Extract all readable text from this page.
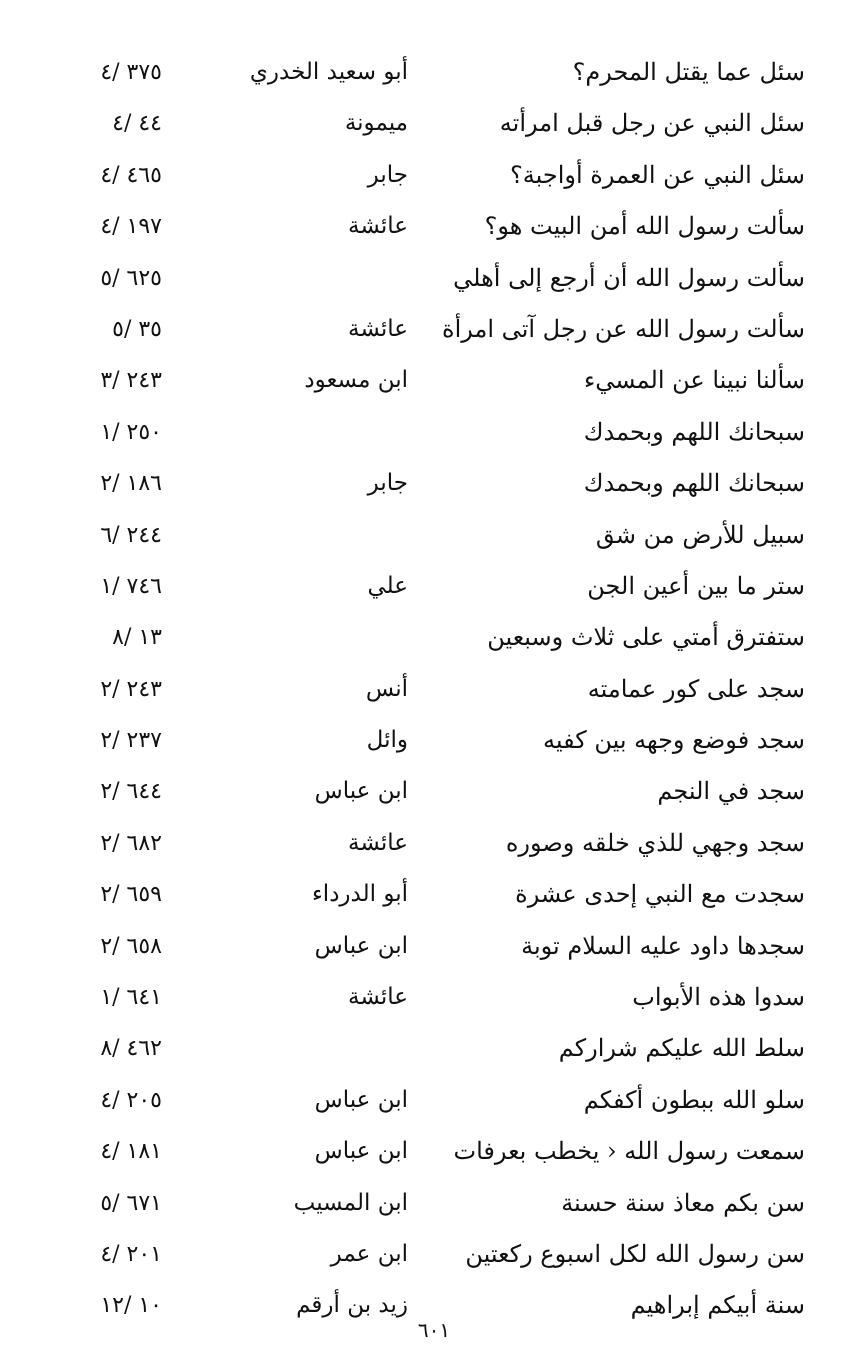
سئل عما يقتل المحرم؟
أبو سعيد الخدري
٣٧٥ /٤
سئل النبي عن رجل قبل امرأته
ميمونة
٤٤ /٤
سئل النبي عن العمرة أواجبة؟
جابر
٤٦٥ /٤
سألت رسول الله أمن البيت هو؟
عائشة
١٩٧ /٤
سألت رسول الله أن أرجع إلى أهلي
٦٢٥ /٥
سألت رسول الله عن رجل آتى امرأة
عائشة
٣٥ /٥
سألنا نبينا عن المسيء
ابن مسعود
٢٤٣ /٣
سبحانك اللهم وبحمدك
٢٥٠ /١
سبحانك اللهم وبحمدك
جابر
١٨٦ /٢
سبيل للأرض من شق
٢٤٤ /٦
ستر ما بين أعين الجن
علي
٧٤٦ /١
ستفترق أمتي على ثلاث وسبعين
١٣ /٨
سجد على كور عمامته
أنس
٢٤٣ /٢
سجد فوضع وجهه بين كفيه
وائل
٢٣٧ /٢
سجد في النجم
ابن عباس
٦٤٤ /٢
سجد وجهي للذي خلقه وصوره
عائشة
٦٨٢ /٢
سجدت مع النبي إحدى عشرة
أبو الدرداء
٦٥٩ /٢
سجدها داود عليه السلام توبة
ابن عباس
٦٥٨ /٢
سدوا هذه الأبواب
عائشة
٦٤١ /١
سلط الله عليكم شراركم
٤٦٢ /٨
سلو الله ببطون أكفكم
ابن عباس
٢٠٥ /٤
سمعت رسول الله ‹ يخطب بعرفات
ابن عباس
١٨١ /٤
سن بكم معاذ سنة حسنة
ابن المسيب
٦٧١ /٥
سن رسول الله لكل اسبوع ركعتين
ابن عمر
٢٠١ /٤
سنة أبيكم إبراهيم
زيد بن أرقم
١٠ /١٢
٦٠١
